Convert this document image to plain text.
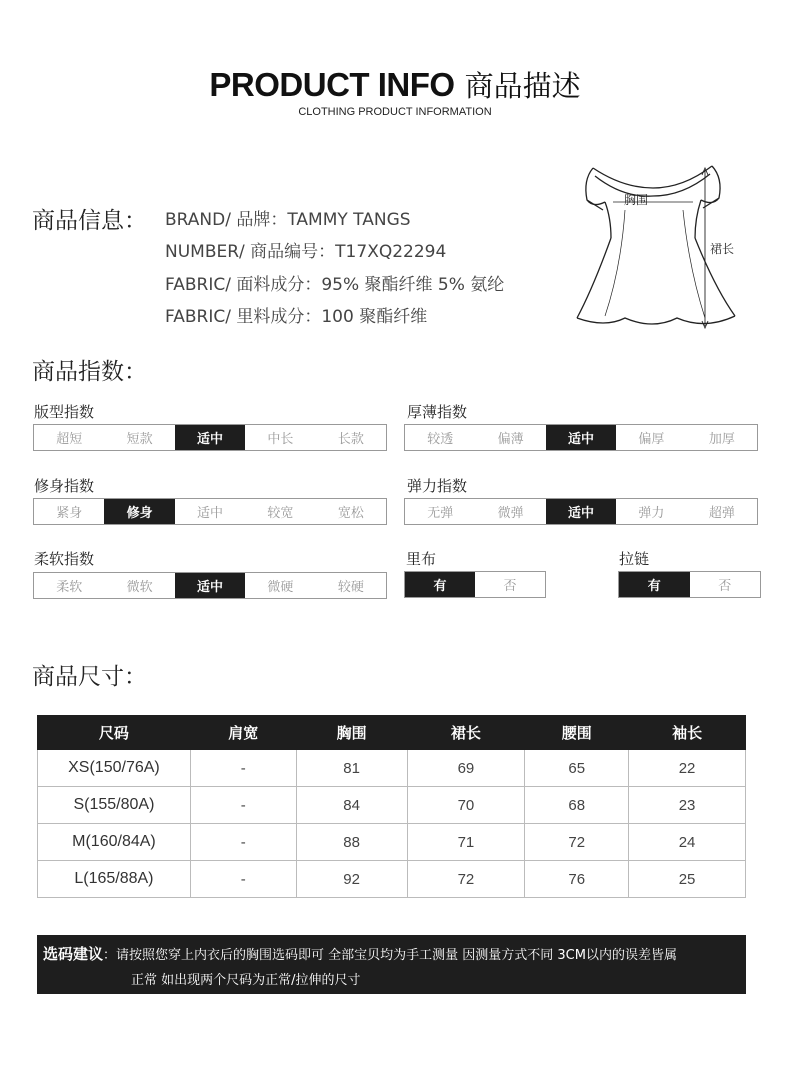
PRODUCT INFO 商品描述
CLOTHING PRODUCT INFORMATION
商品信息： BRAND/ 品牌：TAMMY TANGS
NUMBER/ 商品编号：T17XQ22294
FABRIC/ 面料成分：95% 聚酯纤维 5% 氨纶
FABRIC/ 里料成分：100 聚酯纤维
胸围
裙长
商品指数：
版型指数
超短	短款	适中	中长	长款
厚薄指数
较透	偏薄	适中	偏厚	加厚
修身指数
紧身	修身	适中	较宽	宽松
弹力指数
无弹	微弹	适中	弹力	超弹
柔软指数
柔软	微软	适中	微硬	较硬
里布
有	否
拉链
有	否
商品尺寸：
尺码	肩宽	胸围	裙长	腰围	袖长
XS(150/76A)	-	81	69	65	22
S(155/80A)	-	84	70	68	23
M(160/84A)	-	88	71	72	24
L(165/88A)	-	92	72	76	25
选码建议：请按照您穿上内衣后的胸围选码即可 全部宝贝均为手工测量 因测量方式不同 3CM以内的误差皆属
正常 如出现两个尺码为正常/拉伸的尺寸
